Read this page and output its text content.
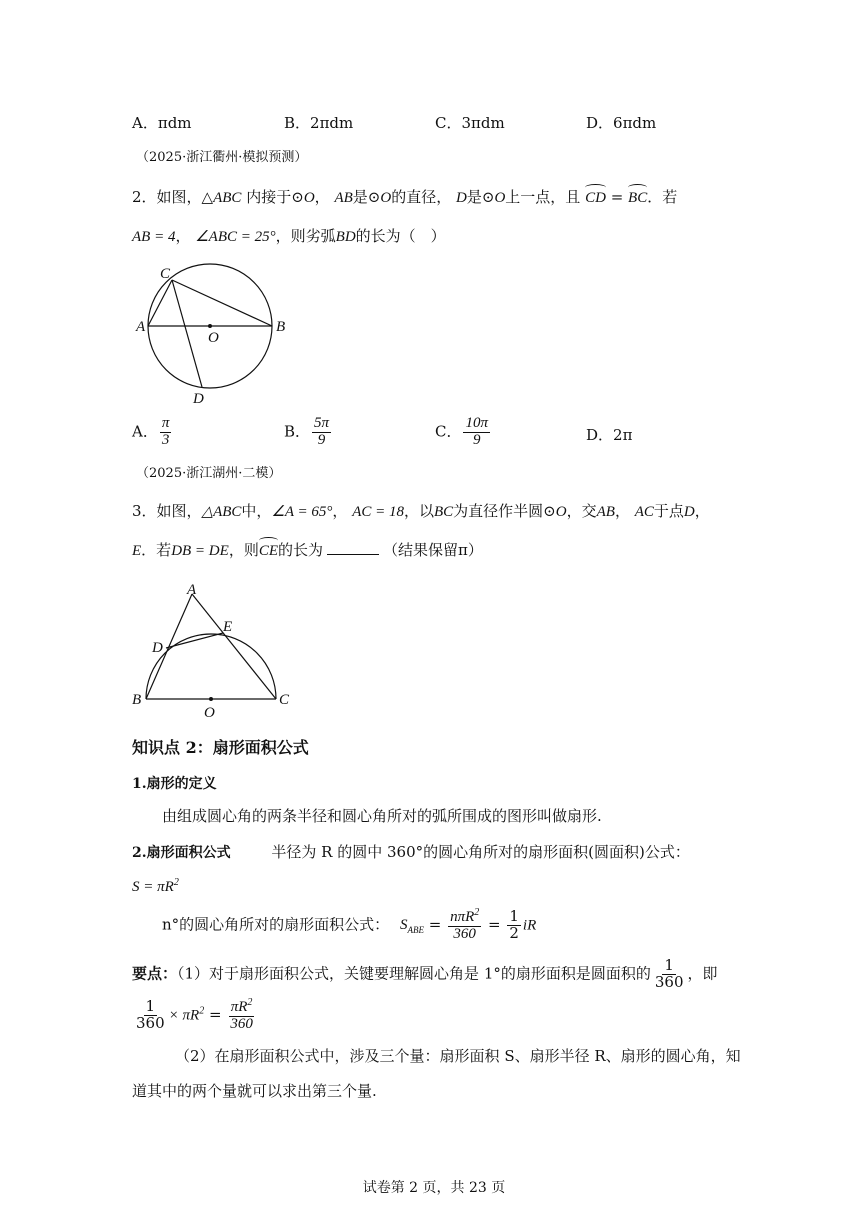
A．πdm	B．2πdm	C．3πdm	D．6πdm
（2025·浙江衢州·模拟预测）
2．如图，△ABC 内接于⊙O， AB是⊙O的直径， D是⊙O上一点，且 CD = BC．若
AB = 4， ∠ABC = 25°，则劣弧BD的长为（　）
C
A	B
O
D
A． $\frac{\pi}{3}$	B． $\frac{5\pi}{9}$	C． $\frac{10\pi}{9}$	D．2π
（2025·浙江湖州·二模）
3．如图，△ABC中，∠A = 65°， AC = 18，以BC为直径作半圆⊙O，交AB， AC于点D，
E．若DB = DE，则CE的长为	（结果保留π）
A
D
E
B
O
C
知识点 2：扇形面积公式
1.扇形的定义
由组成圆心角的两条半径和圆心角所对的弧所围成的图形叫做扇形.
2.扇形面积公式	半径为 R 的圆中 360°的圆心角所对的扇形面积(圆面积)公式：
$S = \pi R^2$
n°的圆心角所对的扇形面积公式： $S_{ABE} = \frac{n\pi R^2}{360} = \frac{1}{2}$ iR
要点：（1）对于扇形面积公式，关键要理解圆心角是 1°的扇形面积是圆面积的 $\frac{1}{360}$ ，即
$\frac{1}{360} \times \pi R^2 = \frac{\pi R^2}{360}$
（2）在扇形面积公式中，涉及三个量：扇形面积 S、扇形半径 R、扇形的圆心角，知
道其中的两个量就可以求出第三个量.
试卷第 2 页，共 23 页
